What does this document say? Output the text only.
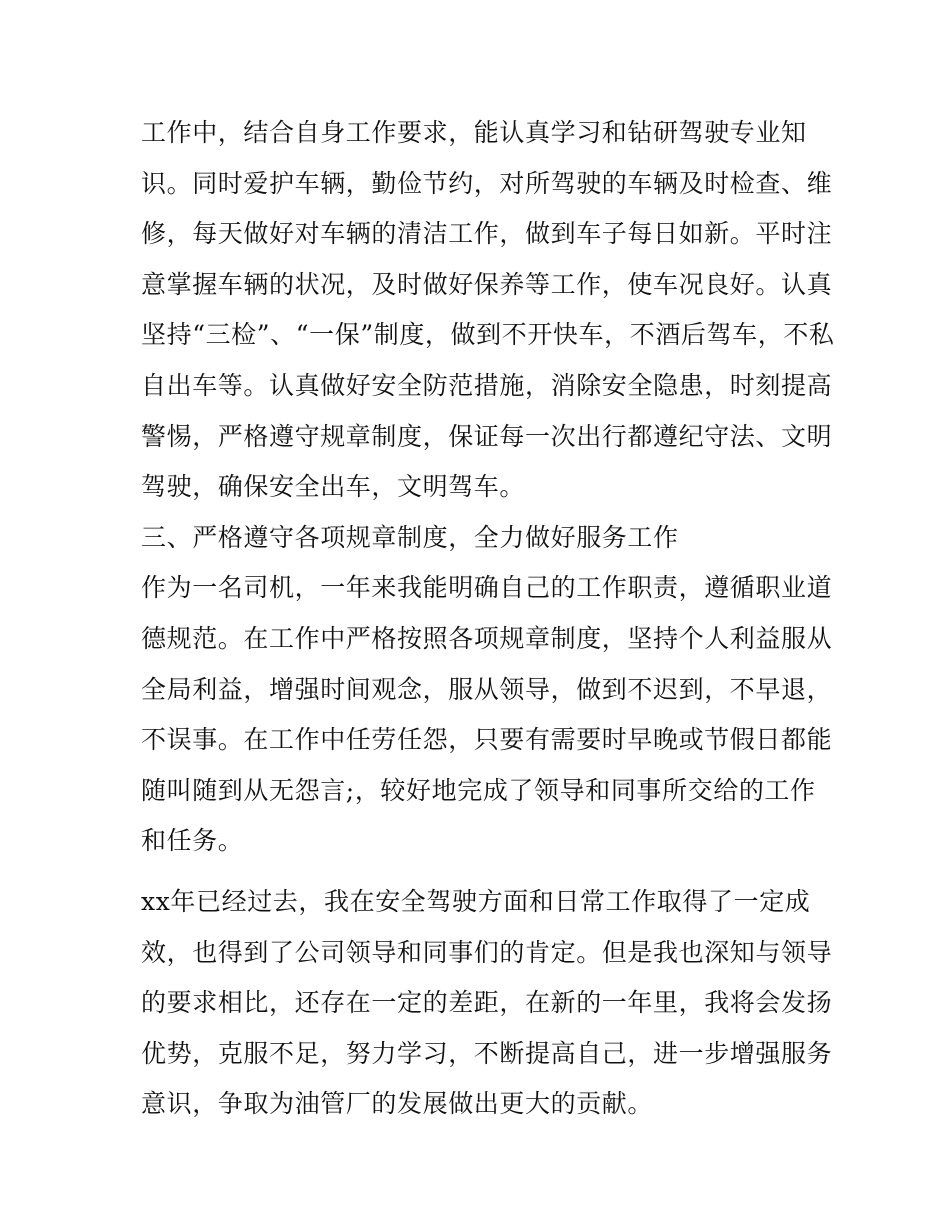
工作中，结合自身工作要求，能认真学习和钻研驾驶专业知
识。同时爱护车辆，勤俭节约，对所驾驶的车辆及时检查、维
修，每天做好对车辆的清洁工作，做到车子每日如新。平时注
意掌握车辆的状况，及时做好保养等工作，使车况良好。认真
坚持“三检”、“一保”制度，做到不开快车，不酒后驾车，不私
自出车等。认真做好安全防范措施，消除安全隐患，时刻提高
警惕，严格遵守规章制度，保证每一次出行都遵纪守法、文明
驾驶，确保安全出车，文明驾车。
三、严格遵守各项规章制度，全力做好服务工作
作为一名司机，一年来我能明确自己的工作职责，遵循职业道
德规范。在工作中严格按照各项规章制度，坚持个人利益服从
全局利益，增强时间观念，服从领导，做到不迟到，不早退，
不误事。在工作中任劳任怨，只要有需要时早晚或节假日都能
随叫随到从无怨言;，较好地完成了领导和同事所交给的工作
和任务。
xx年已经过去，我在安全驾驶方面和日常工作取得了一定成
效，也得到了公司领导和同事们的肯定。但是我也深知与领导
的要求相比，还存在一定的差距，在新的一年里，我将会发扬
优势，克服不足，努力学习，不断提高自己，进一步增强服务
意识，争取为油管厂的发展做出更大的贡献。
